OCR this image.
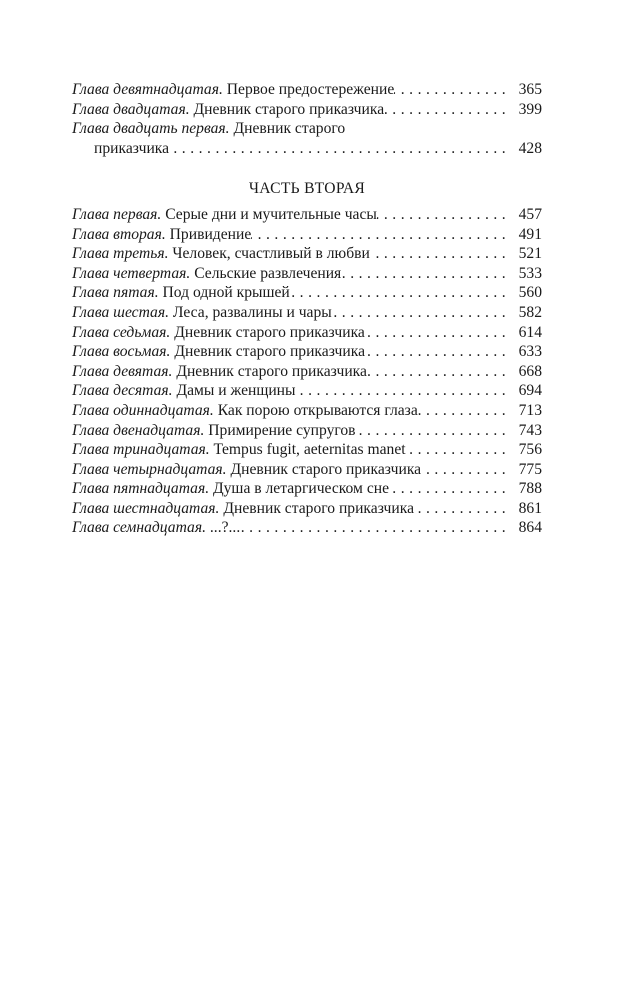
Глава девятнадцатая. Первое предостережение . . .	365
Глава двадцатая. Дневник старого приказчика . . .	399
Глава двадцать первая. Дневник старого
приказчика . . .	428
ЧАСТЬ ВТОРАЯ
Глава первая. Серые дни и мучительные часы . . .	457
Глава вторая. Привидение . . .	491
Глава третья. Человек, счастливый в любви . . .	521
Глава четвертая. Сельские развлечения . . .	533
Глава пятая. Под одной крышей . . .	560
Глава шестая. Леса, развалины и чары . . .	582
Глава седьмая. Дневник старого приказчика . . .	614
Глава восьмая. Дневник старого приказчика . . .	633
Глава девятая. Дневник старого приказчика . . .	668
Глава десятая. Дамы и женщины . . .	694
Глава одиннадцатая. Как порою открываются глаза . . .	713
Глава двенадцатая. Примирение супругов . . .	743
Глава тринадцатая. Tempus fugit, aeternitas manet . . .	756
Глава четырнадцатая. Дневник старого приказчика . . .	775
Глава пятнадцатая. Душа в летаргическом сне . . .	788
Глава шестнадцатая. Дневник старого приказчика . . .	861
Глава семнадцатая. ...?... . . .	864
